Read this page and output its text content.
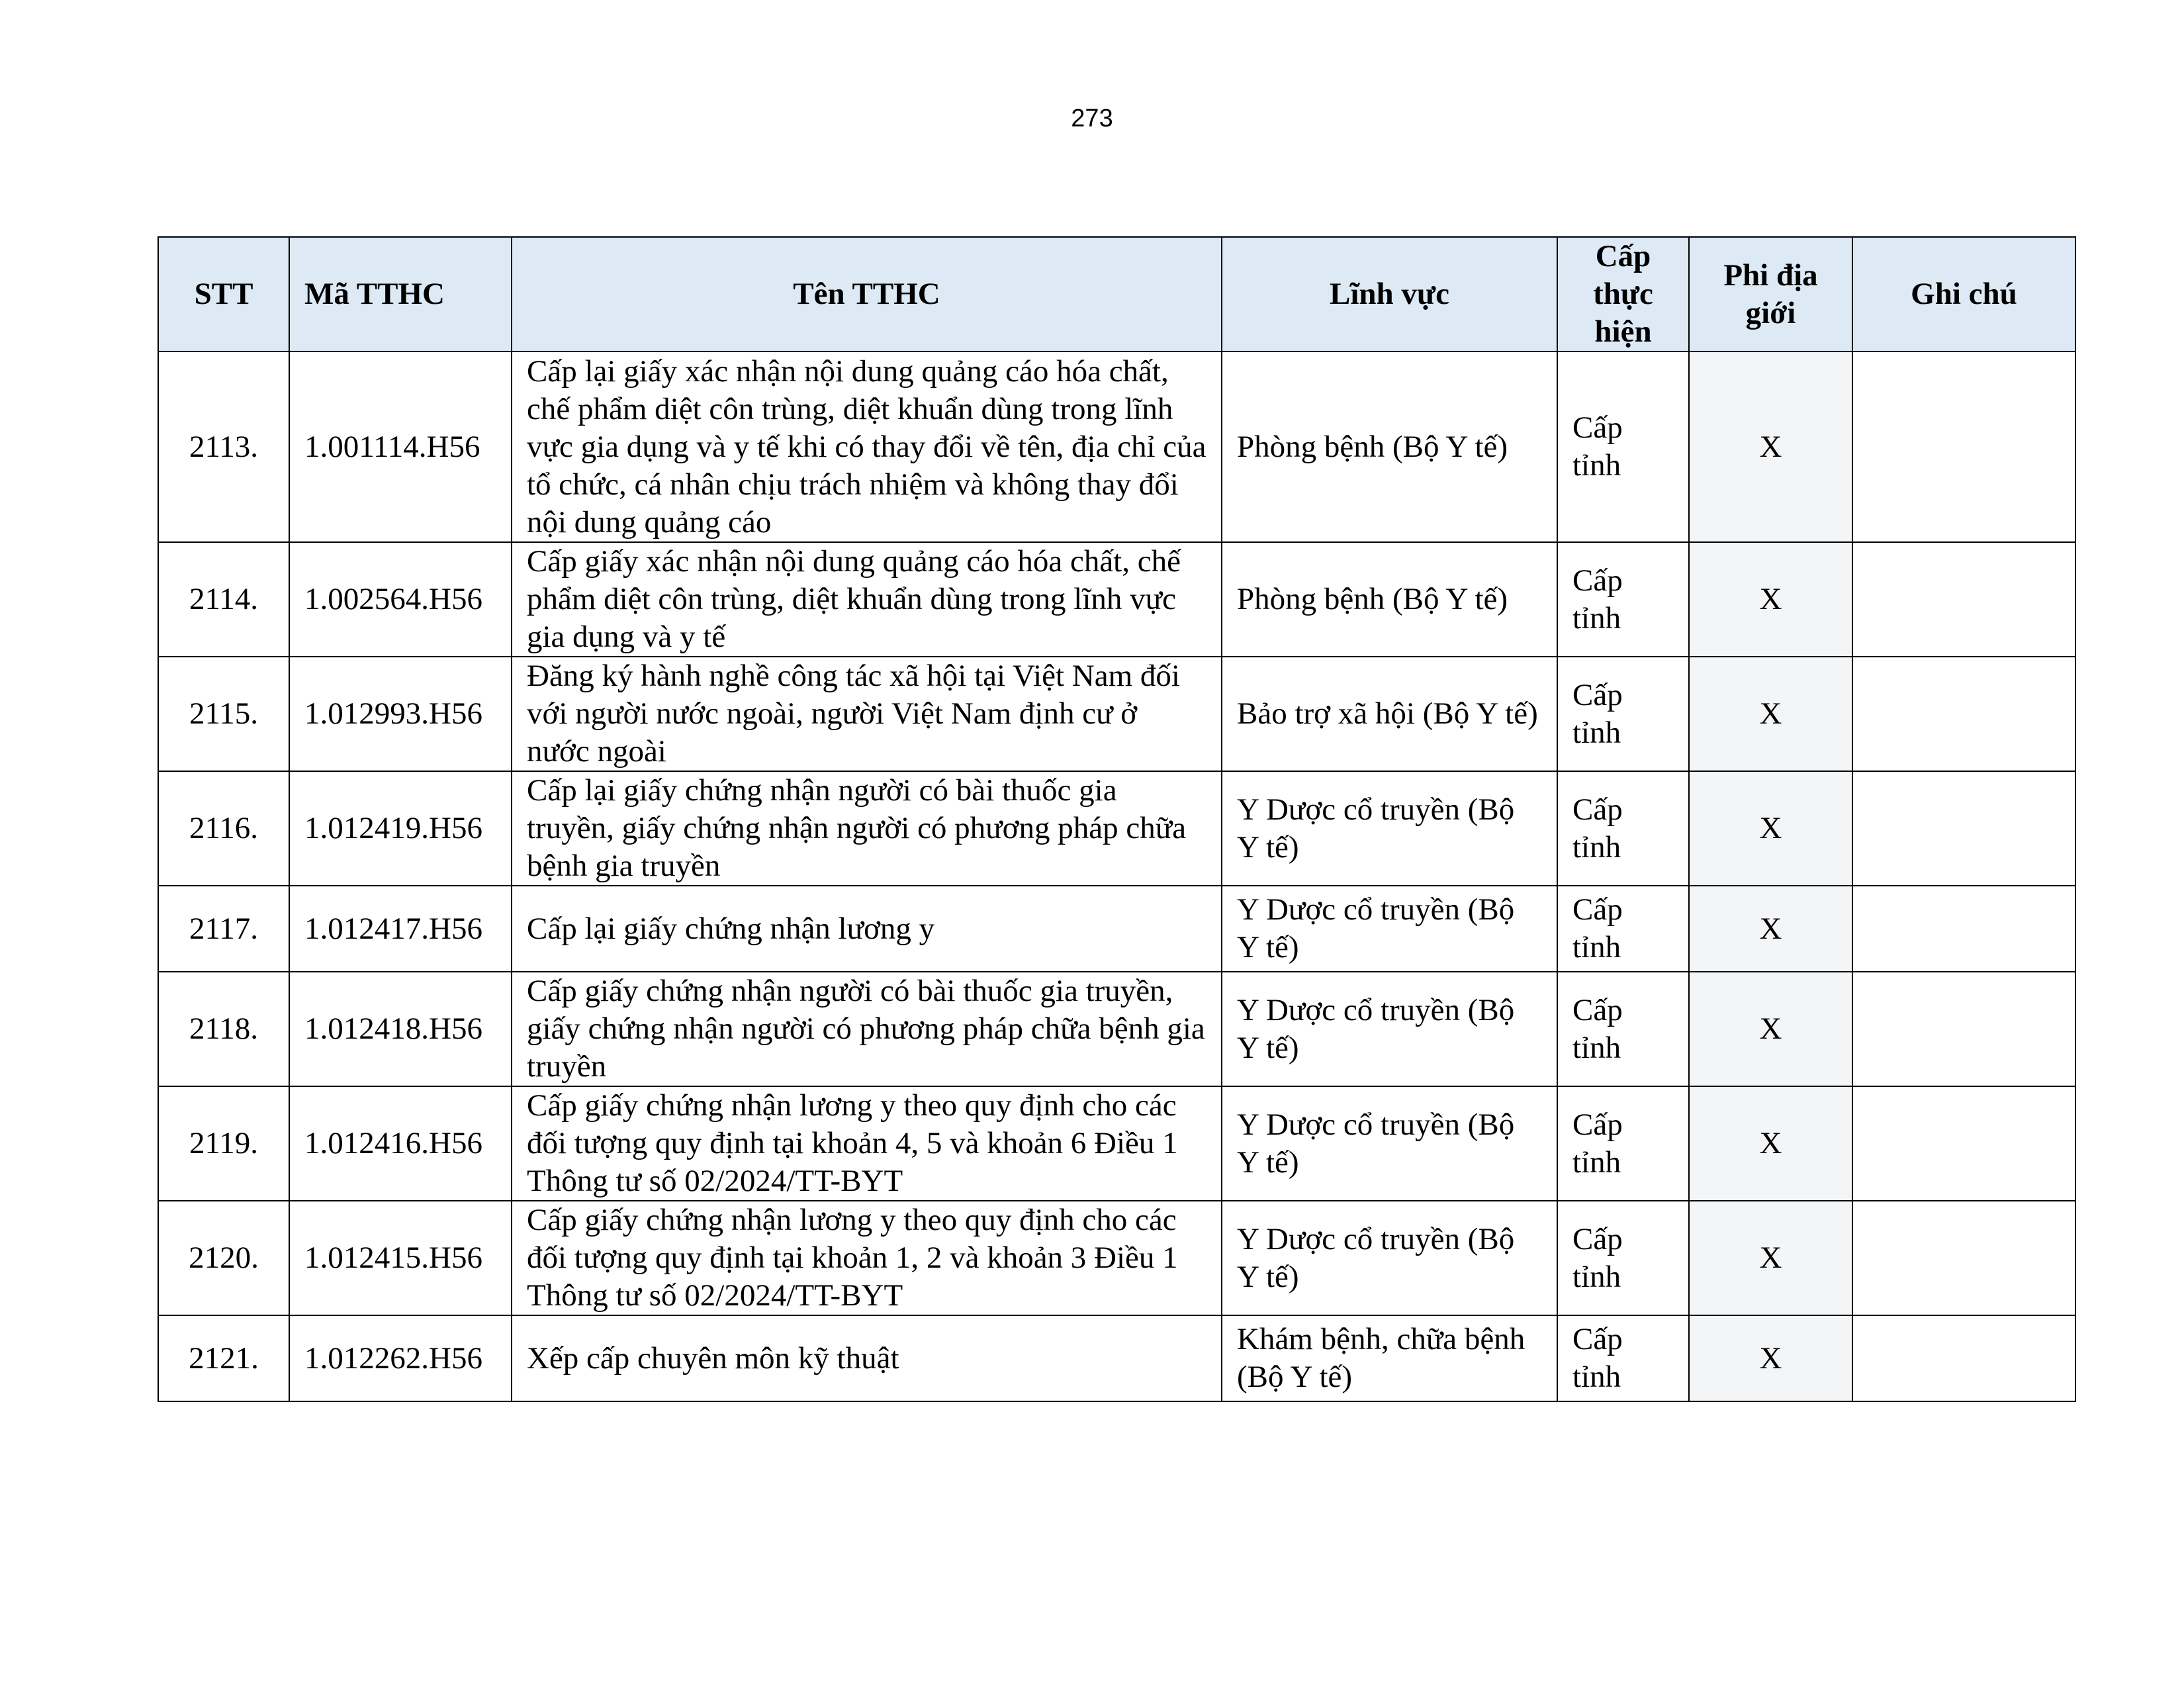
273
STT	Mã TTHC	Tên TTHC	Lĩnh vực	Cấp thực hiện	Phi địa giới	Ghi chú
2113.	1.001114.H56	Cấp lại giấy xác nhận nội dung quảng cáo hóa chất, chế phẩm diệt côn trùng, diệt khuẩn dùng trong lĩnh vực gia dụng và y tế khi có thay đổi về tên, địa chỉ của tổ chức, cá nhân chịu trách nhiệm và không thay đổi nội dung quảng cáo	Phòng bệnh (Bộ Y tế)	Cấp tỉnh	X	
2114.	1.002564.H56	Cấp giấy xác nhận nội dung quảng cáo hóa chất, chế phẩm diệt côn trùng, diệt khuẩn dùng trong lĩnh vực gia dụng và y tế	Phòng bệnh (Bộ Y tế)	Cấp tỉnh	X	
2115.	1.012993.H56	Đăng ký hành nghề công tác xã hội tại Việt Nam đối với người nước ngoài, người Việt Nam định cư ở nước ngoài	Bảo trợ xã hội (Bộ Y tế)	Cấp tỉnh	X	
2116.	1.012419.H56	Cấp lại giấy chứng nhận người có bài thuốc gia truyền, giấy chứng nhận người có phương pháp chữa bệnh gia truyền	Y Dược cổ truyền (Bộ Y tế)	Cấp tỉnh	X	
2117.	1.012417.H56	Cấp lại giấy chứng nhận lương y	Y Dược cổ truyền (Bộ Y tế)	Cấp tỉnh	X	
2118.	1.012418.H56	Cấp giấy chứng nhận người có bài thuốc gia truyền, giấy chứng nhận người có phương pháp chữa bệnh gia truyền	Y Dược cổ truyền (Bộ Y tế)	Cấp tỉnh	X	
2119.	1.012416.H56	Cấp giấy chứng nhận lương y theo quy định cho các đối tượng quy định tại khoản 4, 5 và khoản 6 Điều 1 Thông tư số 02/2024/TT-BYT	Y Dược cổ truyền (Bộ Y tế)	Cấp tỉnh	X	
2120.	1.012415.H56	Cấp giấy chứng nhận lương y theo quy định cho các đối tượng quy định tại khoản 1, 2 và khoản 3 Điều 1 Thông tư số 02/2024/TT-BYT	Y Dược cổ truyền (Bộ Y tế)	Cấp tỉnh	X	
2121.	1.012262.H56	Xếp cấp chuyên môn kỹ thuật	Khám bệnh, chữa bệnh (Bộ Y tế)	Cấp tỉnh	X	
